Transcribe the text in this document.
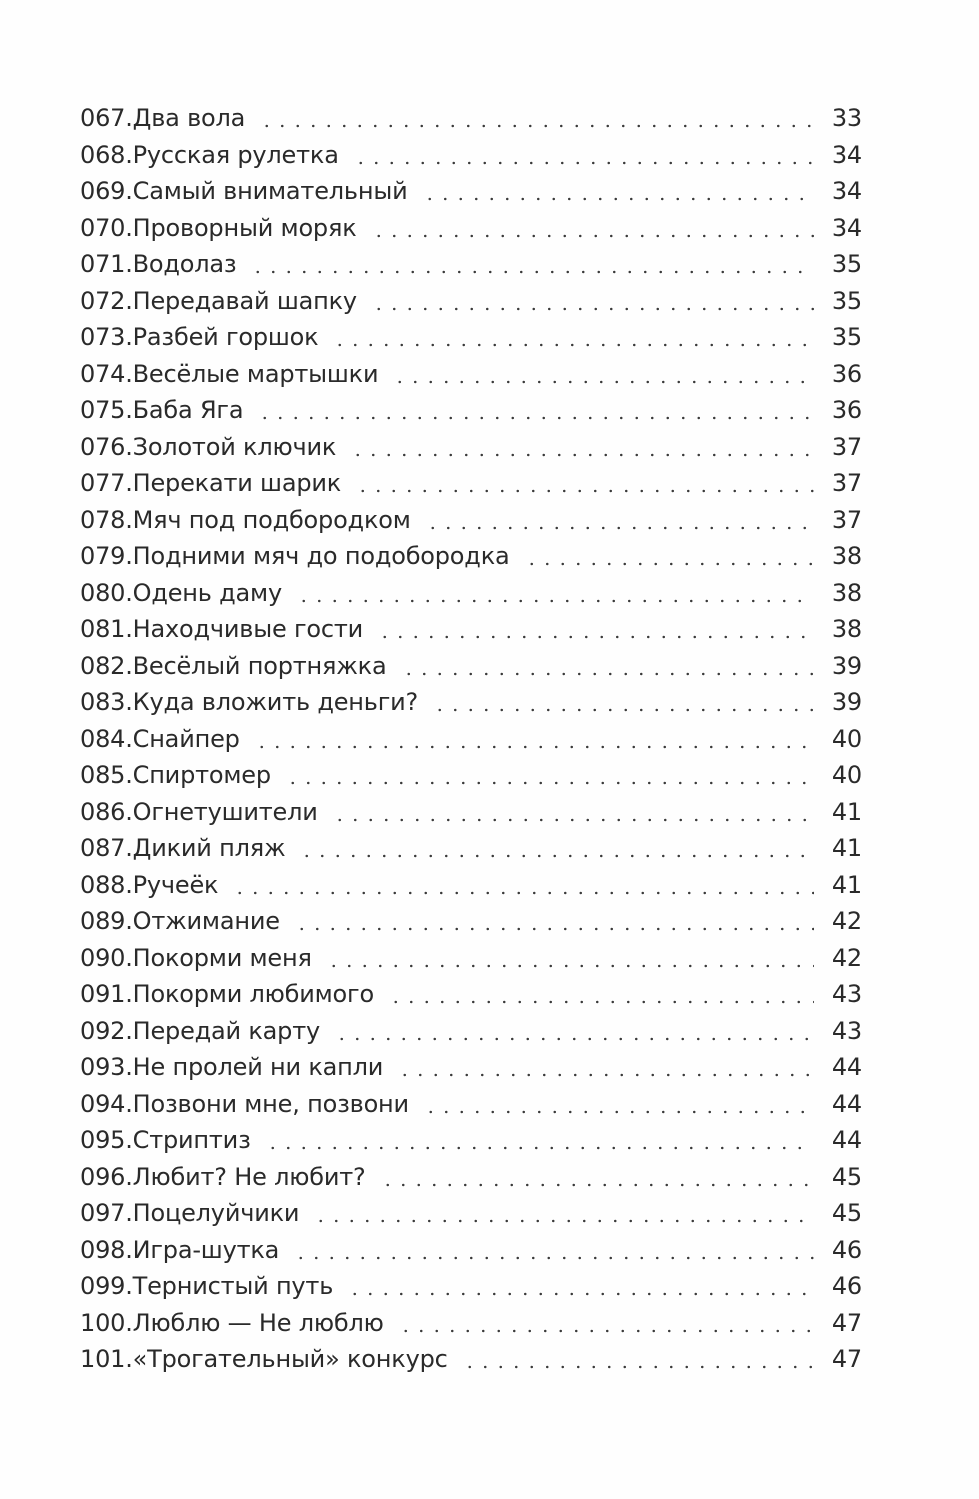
067.Два вола	33
068.Русская рулетка	34
069.Самый внимательный	34
070.Проворный моряк	34
071.Водолаз	35
072.Передавай шапку	35
073.Разбей горшок	35
074.Весёлые мартышки	36
075.Баба Яга	36
076.Золотой ключик	37
077.Перекати шарик	37
078.Мяч под подбородком	37
079.Подними мяч до подобородка	38
080.Одень даму	38
081.Находчивые гости	38
082.Весёлый портняжка	39
083.Куда вложить деньги?	39
084.Снайпер	40
085.Спиртомер	40
086.Огнетушители	41
087.Дикий пляж	41
088.Ручеёк	41
089.Отжимание	42
090.Покорми меня	42
091.Покорми любимого	43
092.Передай карту	43
093.Не пролей ни капли	44
094.Позвони мне, позвони	44
095.Стриптиз	44
096.Любит? Не любит?	45
097.Поцелуйчики	45
098.Игра-шутка	46
099.Тернистый путь	46
100.Люблю — Не люблю	47
101.«Трогательный» конкурс	47
